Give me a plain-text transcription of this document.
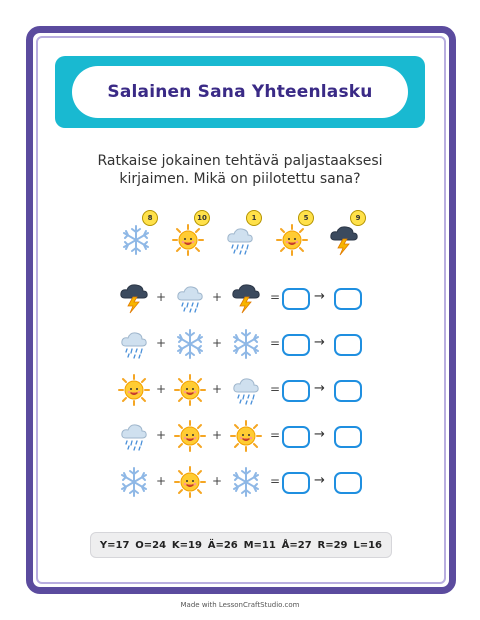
Salainen Sana Yhteenlasku
Ratkaise jokainen tehtävä paljastaaksesi
kirjaimen. Mikä on piilotettu sana?
8	10	1	5	9
+	+	=	→
+	+	=	→
+	+	=	→
+	+	=	→
+	+	=	→
Y=17 O=24 K=19 Ä=26 M=11 Å=27 R=29 L=16
Made with LessonCraftStudio.com
